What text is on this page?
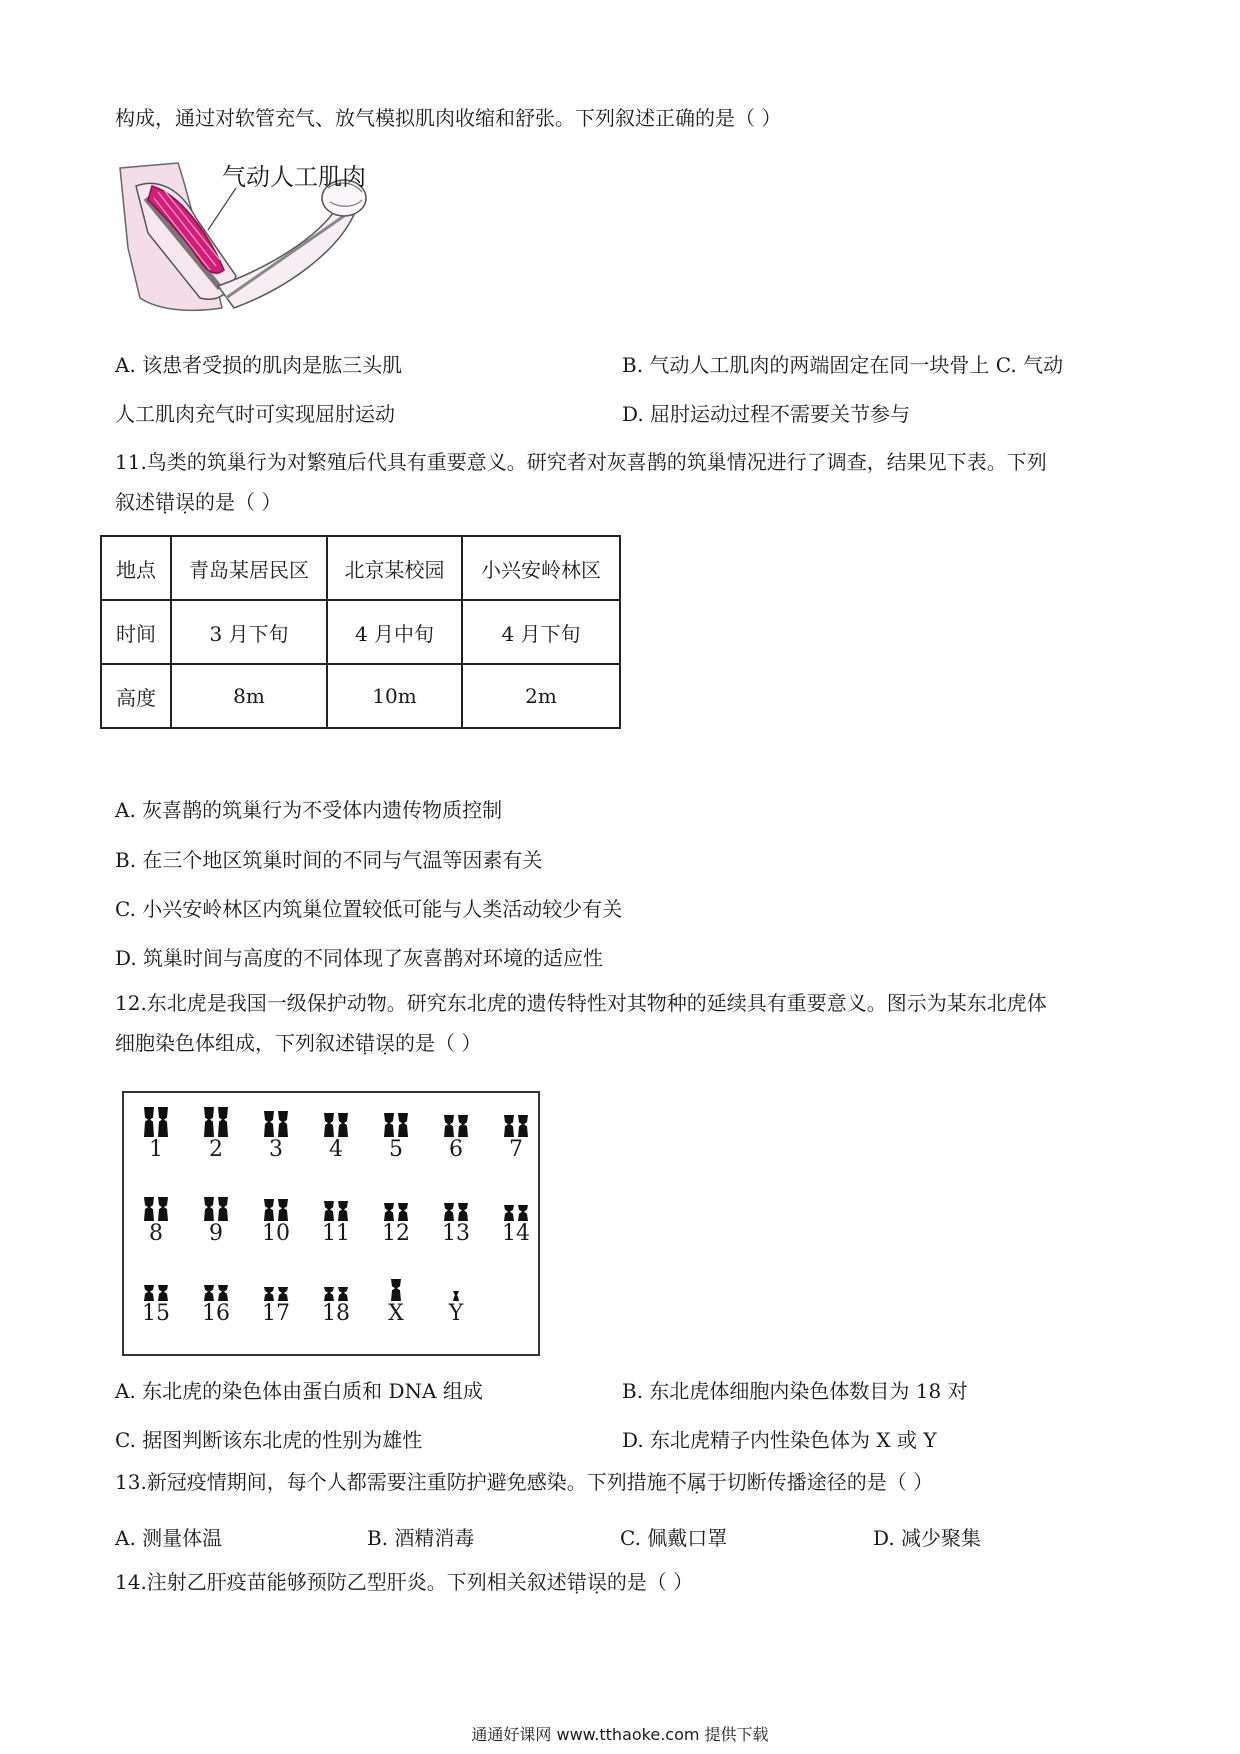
构成，通过对软管充气、放气模拟肌肉收缩和舒张。下列叙述正确的是（ ）
气动人工肌肉
A. 该患者受损的肌肉是肱三头肌	B. 气动人工肌肉的两端固定在同一块骨上 C. 气动
人工肌肉充气时可实现屈肘运动	D. 屈肘运动过程不需要关节参与
11.鸟类的筑巢行为对繁殖后代具有重要意义。研究者对灰喜鹊的筑巢情况进行了调查，结果见下表。下列
叙述错误的是（ ）
地点	青岛某居民区	北京某校园	小兴安岭林区
时间	3 月下旬	4 月中旬	4 月下旬
高度	8m	10m	2m
A. 灰喜鹊的筑巢行为不受体内遗传物质控制
B. 在三个地区筑巢时间的不同与气温等因素有关
C. 小兴安岭林区内筑巢位置较低可能与人类活动较少有关
D. 筑巢时间与高度的不同体现了灰喜鹊对环境的适应性
12.东北虎是我国一级保护动物。研究东北虎的遗传特性对其物种的延续具有重要意义。图示为某东北虎体
细胞染色体组成，下列叙述错误的是（ ）
1	2	3	4	5	6	7
8	9	10 11 12 13 14
15 16 17 18	X	Y
A. 东北虎的染色体由蛋白质和 DNA 组成	B. 东北虎体细胞内染色体数目为 18 对
C. 据图判断该东北虎的性别为雄性	D. 东北虎精子内性染色体为 X 或 Y
13.新冠疫情期间，每个人都需要注重防护避免感染。下列措施不属于切断传播途径的是（ ）
A. 测量体温	B. 酒精消毒	C. 佩戴口罩	D. 减少聚集
14.注射乙肝疫苗能够预防乙型肝炎。下列相关叙述错误的是（ ）
通通好课网 www.tthaoke.com 提供下载
